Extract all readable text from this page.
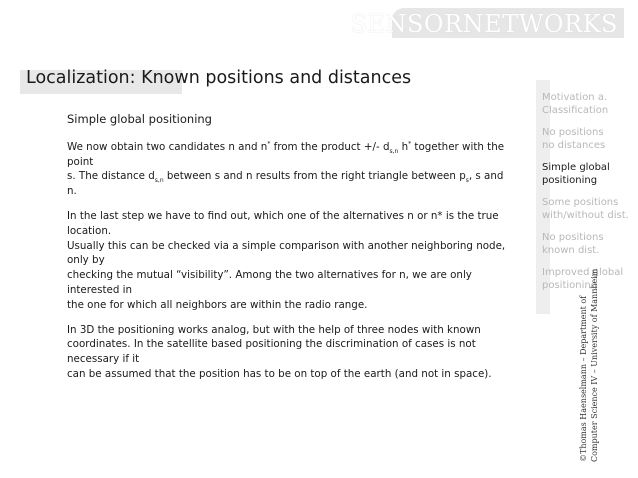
SENSORNETWORKS
Localization: Known positions and distances
Simple global positioning

We now obtain two candidates n and n* from the product +/- $d_{s,n}$ h* together with the point

s. The distance $d_{s,n}$ between s and n results from the right triangle between $p_s$, s and n.

In the last step we have to find out, which one of the alternatives n or n* is the true location.

Usually this can be checked via a simple comparison with another neighboring node, only by

checking the mutual “visibility”. Among the two alternatives for n, we are only interested in

the one for which all neighbors are within the radio range.

In 3D the positioning works analog, but with the help of three nodes with known

coordinates. In the satellite based positioning the discrimination of cases is not necessary if it

can be assumed that the position has to be on top of the earth (and not in space).

Motivation a.
Classification
No positions
no distances
Simple global
positioning
Some positions
with/without dist.
No positions
known dist.
Improved global
positioning
©Thomas Haenselmann – Department of Computer Science IV – University of Mannheim
